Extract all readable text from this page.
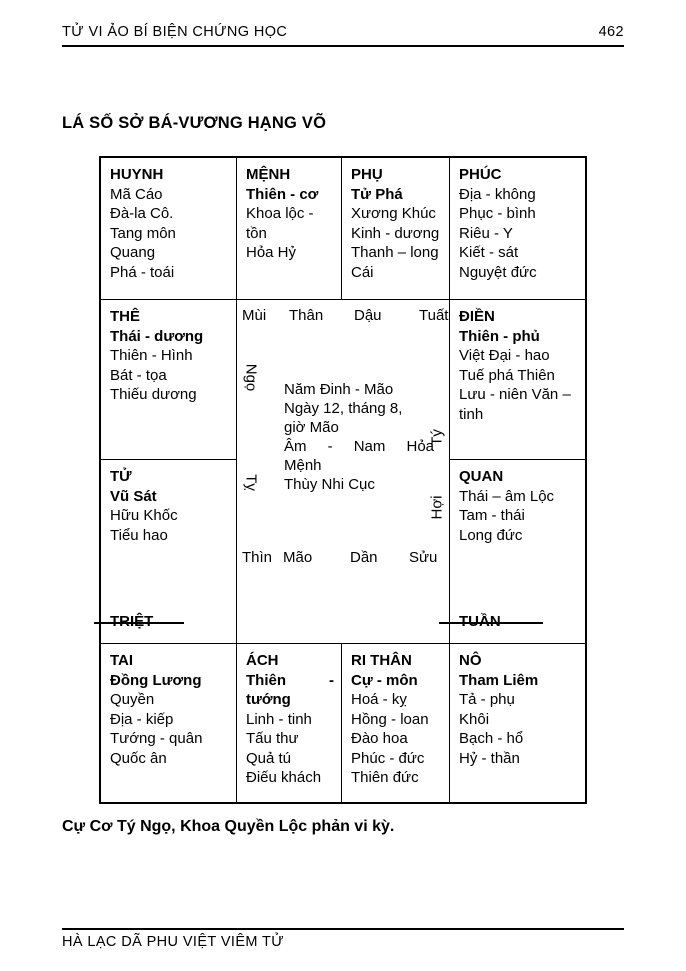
TỬ VI ẢO BÍ BIỆN CHỨNG HỌC	462
LÁ SỐ SỞ BÁ-VƯƠNG HẠNG VÕ
HUYNH
Mã Cáo
Đà-la Cô.
Tang môn
Quang
Phá - toái
MỆNH
Thiên - cơ
Khoa lộc - tồn
Hỏa Hỷ
PHỤ
Tử Phá
Xương Khúc
Kinh - dương
Thanh – long
Cái
PHÚC
Địa - không
Phục - bình
Riêu - Y
Kiết - sát
Nguyệt đức
THÊ
Thái - dương
Thiên - Hình
Bát - tọa
Thiếu dương
Mùi Thân Dậu Tuất
Ngọ
Tỵ
Tý
Hợi
Năm Đinh - Mão
Ngày 12, tháng 8,
giờ Mão
Âm - Nam Hỏa
Mệnh
Thùy Nhi Cục
Thìn Mão	Dần Sửu
ĐIỀN
Thiên - phủ
Việt Đại - hao
Tuế phá Thiên
Lưu - niên Văn – tinh
TỬ
Vũ Sát
Hữu Khốc
Tiểu hao
QUAN
Thái – âm Lộc
Tam - thái
Long đức
TAI
Đồng Lương
Quyền
Địa - kiếp
Tướng - quân
Quốc ân
ÁCH
Thiên - tướng
Linh - tinh
Tấu thư
Quả tú
Điếu khách
RI THÂN
Cự - môn
Hoá - kỵ
Hồng - loan
Đào hoa
Phúc - đức
Thiên đức
NÔ
Tham Liêm
Tả - phụ
Khôi
Bạch - hổ
Hỷ - thần

Cự Cơ Tý Ngọ, Khoa Quyền Lộc phản vi kỳ.

HÀ LẠC DÃ PHU VIỆT VIÊM TỬ
